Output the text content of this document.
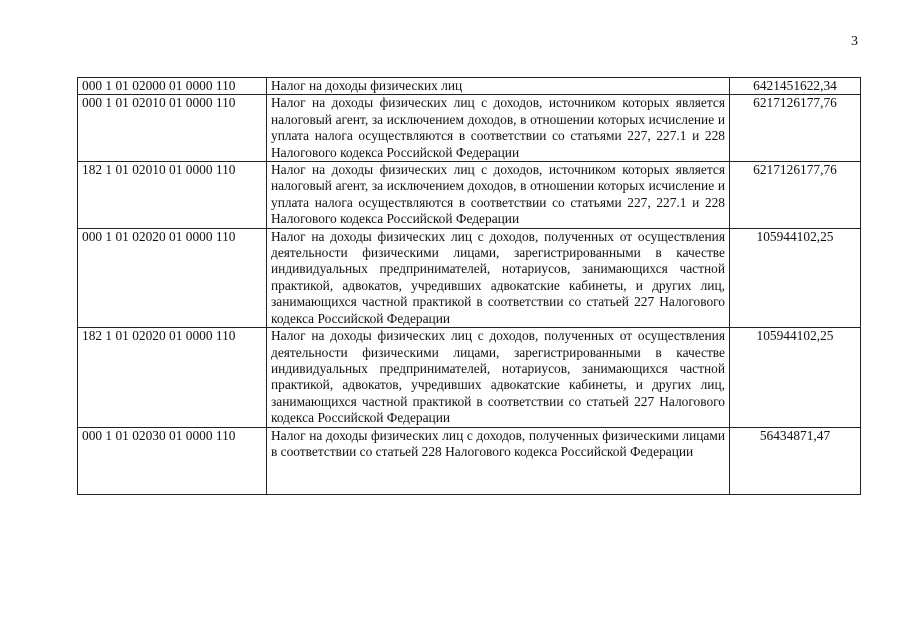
3
000 1 01 02000 01 0000 110	Налог на доходы физических лиц	6421451622,34
000 1 01 02010 01 0000 110	Налог на доходы физических лиц с доходов, источником которых является налоговый агент, за исключением доходов, в отношении которых исчисление и уплата налога осуществляются в соответствии со статьями 227, 227.1 и 228 Налогового кодекса Российской Федерации	6217126177,76
182 1 01 02010 01 0000 110	Налог на доходы физических лиц с доходов, источником которых является налоговый агент, за исключением доходов, в отношении которых исчисление и уплата налога осуществляются в соответствии со статьями 227, 227.1 и 228 Налогового кодекса Российской Федерации	6217126177,76
000 1 01 02020 01 0000 110	Налог на доходы физических лиц с доходов, полученных от осуществления деятельности физическими лицами, зарегистрированными в качестве индивидуальных предпринимателей, нотариусов, занимающихся частной практикой, адвокатов, учредивших адвокатские кабинеты, и других лиц, занимающихся частной практикой в соответствии со статьей 227 Налогового кодекса Российской Федерации	105944102,25
182 1 01 02020 01 0000 110	Налог на доходы физических лиц с доходов, полученных от осуществления деятельности физическими лицами, зарегистрированными в качестве индивидуальных предпринимателей, нотариусов, занимающихся частной практикой, адвокатов, учредивших адвокатские кабинеты, и других лиц, занимающихся частной практикой в соответствии со статьей 227 Налогового кодекса Российской Федерации	105944102,25
000 1 01 02030 01 0000 110	Налог на доходы физических лиц с доходов, полученных физическими лицами в соответствии со статьей 228 Налогового кодекса Российской Федерации	56434871,47
